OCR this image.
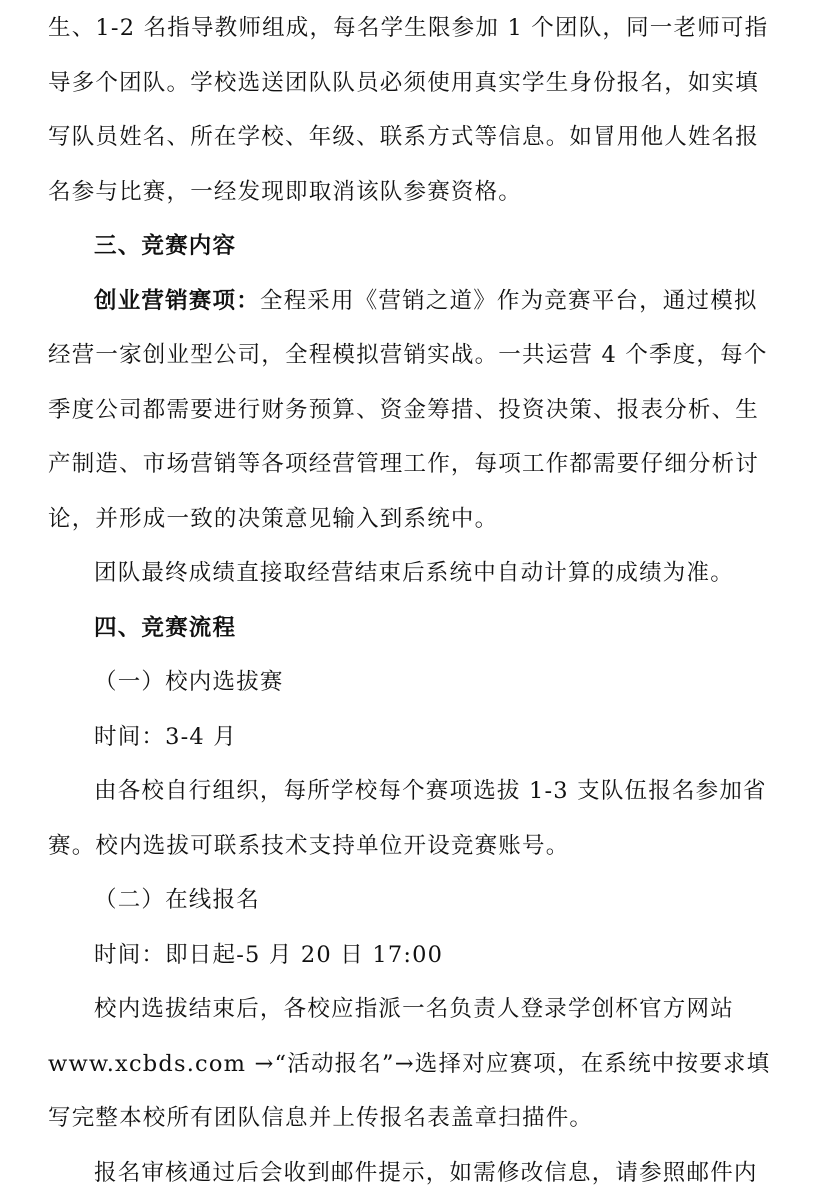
生、1-2 名指导教师组成，每名学生限参加 1 个团队，同一老师可指
导多个团队。学校选送团队队员必须使用真实学生身份报名，如实填
写队员姓名、所在学校、年级、联系方式等信息。如冒用他人姓名报
名参与比赛，一经发现即取消该队参赛资格。
三、竞赛内容
创业营销赛项：全程采用《营销之道》作为竞赛平台，通过模拟
经营一家创业型公司，全程模拟营销实战。一共运营 4 个季度，每个
季度公司都需要进行财务预算、资金筹措、投资决策、报表分析、生
产制造、市场营销等各项经营管理工作，每项工作都需要仔细分析讨
论，并形成一致的决策意见输入到系统中。
团队最终成绩直接取经营结束后系统中自动计算的成绩为准。
四、竞赛流程
（一）校内选拔赛
时间：3-4 月
由各校自行组织，每所学校每个赛项选拔 1-3 支队伍报名参加省
赛。校内选拔可联系技术支持单位开设竞赛账号。
（二）在线报名
时间：即日起-5 月 20 日 17:00
校内选拔结束后，各校应指派一名负责人登录学创杯官方网站
www.xcbds.com →“活动报名”→选择对应赛项，在系统中按要求填
写完整本校所有团队信息并上传报名表盖章扫描件。
报名审核通过后会收到邮件提示，如需修改信息，请参照邮件内
